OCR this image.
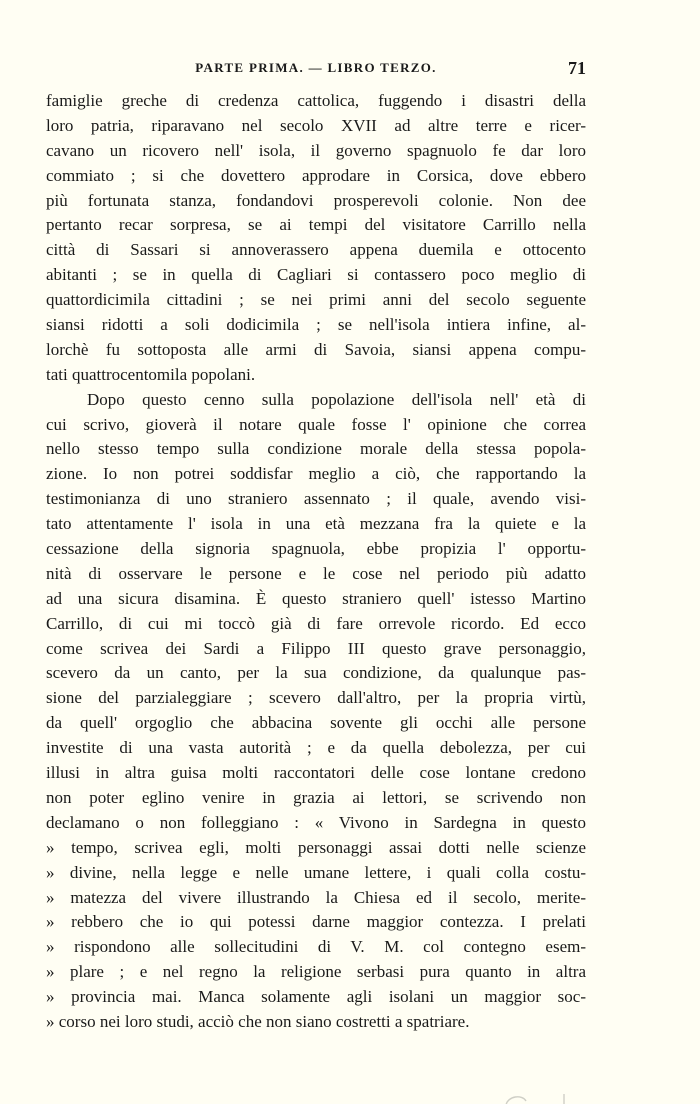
PARTE PRIMA. — LIBRO TERZO.	71
famiglie greche di credenza cattolica, fuggendo i disastri della
loro patria, riparavano nel secolo XVII ad altre terre e ricer-
cavano un ricovero nell' isola, il governo spagnuolo fe dar loro
commiato ; si che dovettero approdare in Corsica, dove ebbero
più fortunata stanza, fondandovi prosperevoli colonie. Non dee
pertanto recar sorpresa, se ai tempi del visitatore Carrillo nella
città di Sassari si annoverassero appena duemila e ottocento
abitanti ; se in quella di Cagliari si contassero poco meglio di
quattordicimila cittadini ; se nei primi anni del secolo seguente
siansi ridotti a soli dodicimila ; se nell'isola intiera infine, al-
lorchè fu sottoposta alle armi di Savoia, siansi appena compu-
tati quattrocentomila popolani.
Dopo questo cenno sulla popolazione dell'isola nell' età di
cui scrivo, gioverà il notare quale fosse l' opinione che correa
nello stesso tempo sulla condizione morale della stessa popola-
zione. Io non potrei soddisfar meglio a ciò, che rapportando la
testimonianza di uno straniero assennato ; il quale, avendo visi-
tato attentamente l' isola in una età mezzana fra la quiete e la
cessazione della signoria spagnuola, ebbe propizia l' opportu-
nità di osservare le persone e le cose nel periodo più adatto
ad una sicura disamina. È questo straniero quell' istesso Martino
Carrillo, di cui mi toccò già di fare orrevole ricordo. Ed ecco
come scrivea dei Sardi a Filippo III questo grave personaggio,
scevero da un canto, per la sua condizione, da qualunque pas-
sione del parzialeggiare ; scevero dall'altro, per la propria virtù,
da quell' orgoglio che abbacina sovente gli occhi alle persone
investite di una vasta autorità ; e da quella debolezza, per cui
illusi in altra guisa molti raccontatori delle cose lontane credono
non poter eglino venire in grazia ai lettori, se scrivendo non
declamano o non folleggiano : « Vivono in Sardegna in questo
» tempo, scrivea egli, molti personaggi assai dotti nelle scienze
» divine, nella legge e nelle umane lettere, i quali colla costu-
» matezza del vivere illustrando la Chiesa ed il secolo, merite-
» rebbero che io qui potessi darne maggior contezza. I prelati
» rispondono alle sollecitudini di V. M. col contegno esem-
» plare ; e nel regno la religione serbasi pura quanto in altra
» provincia mai. Manca solamente agli isolani un maggior soc-
» corso nei loro studi, acciò che non siano costretti a spatriare.
